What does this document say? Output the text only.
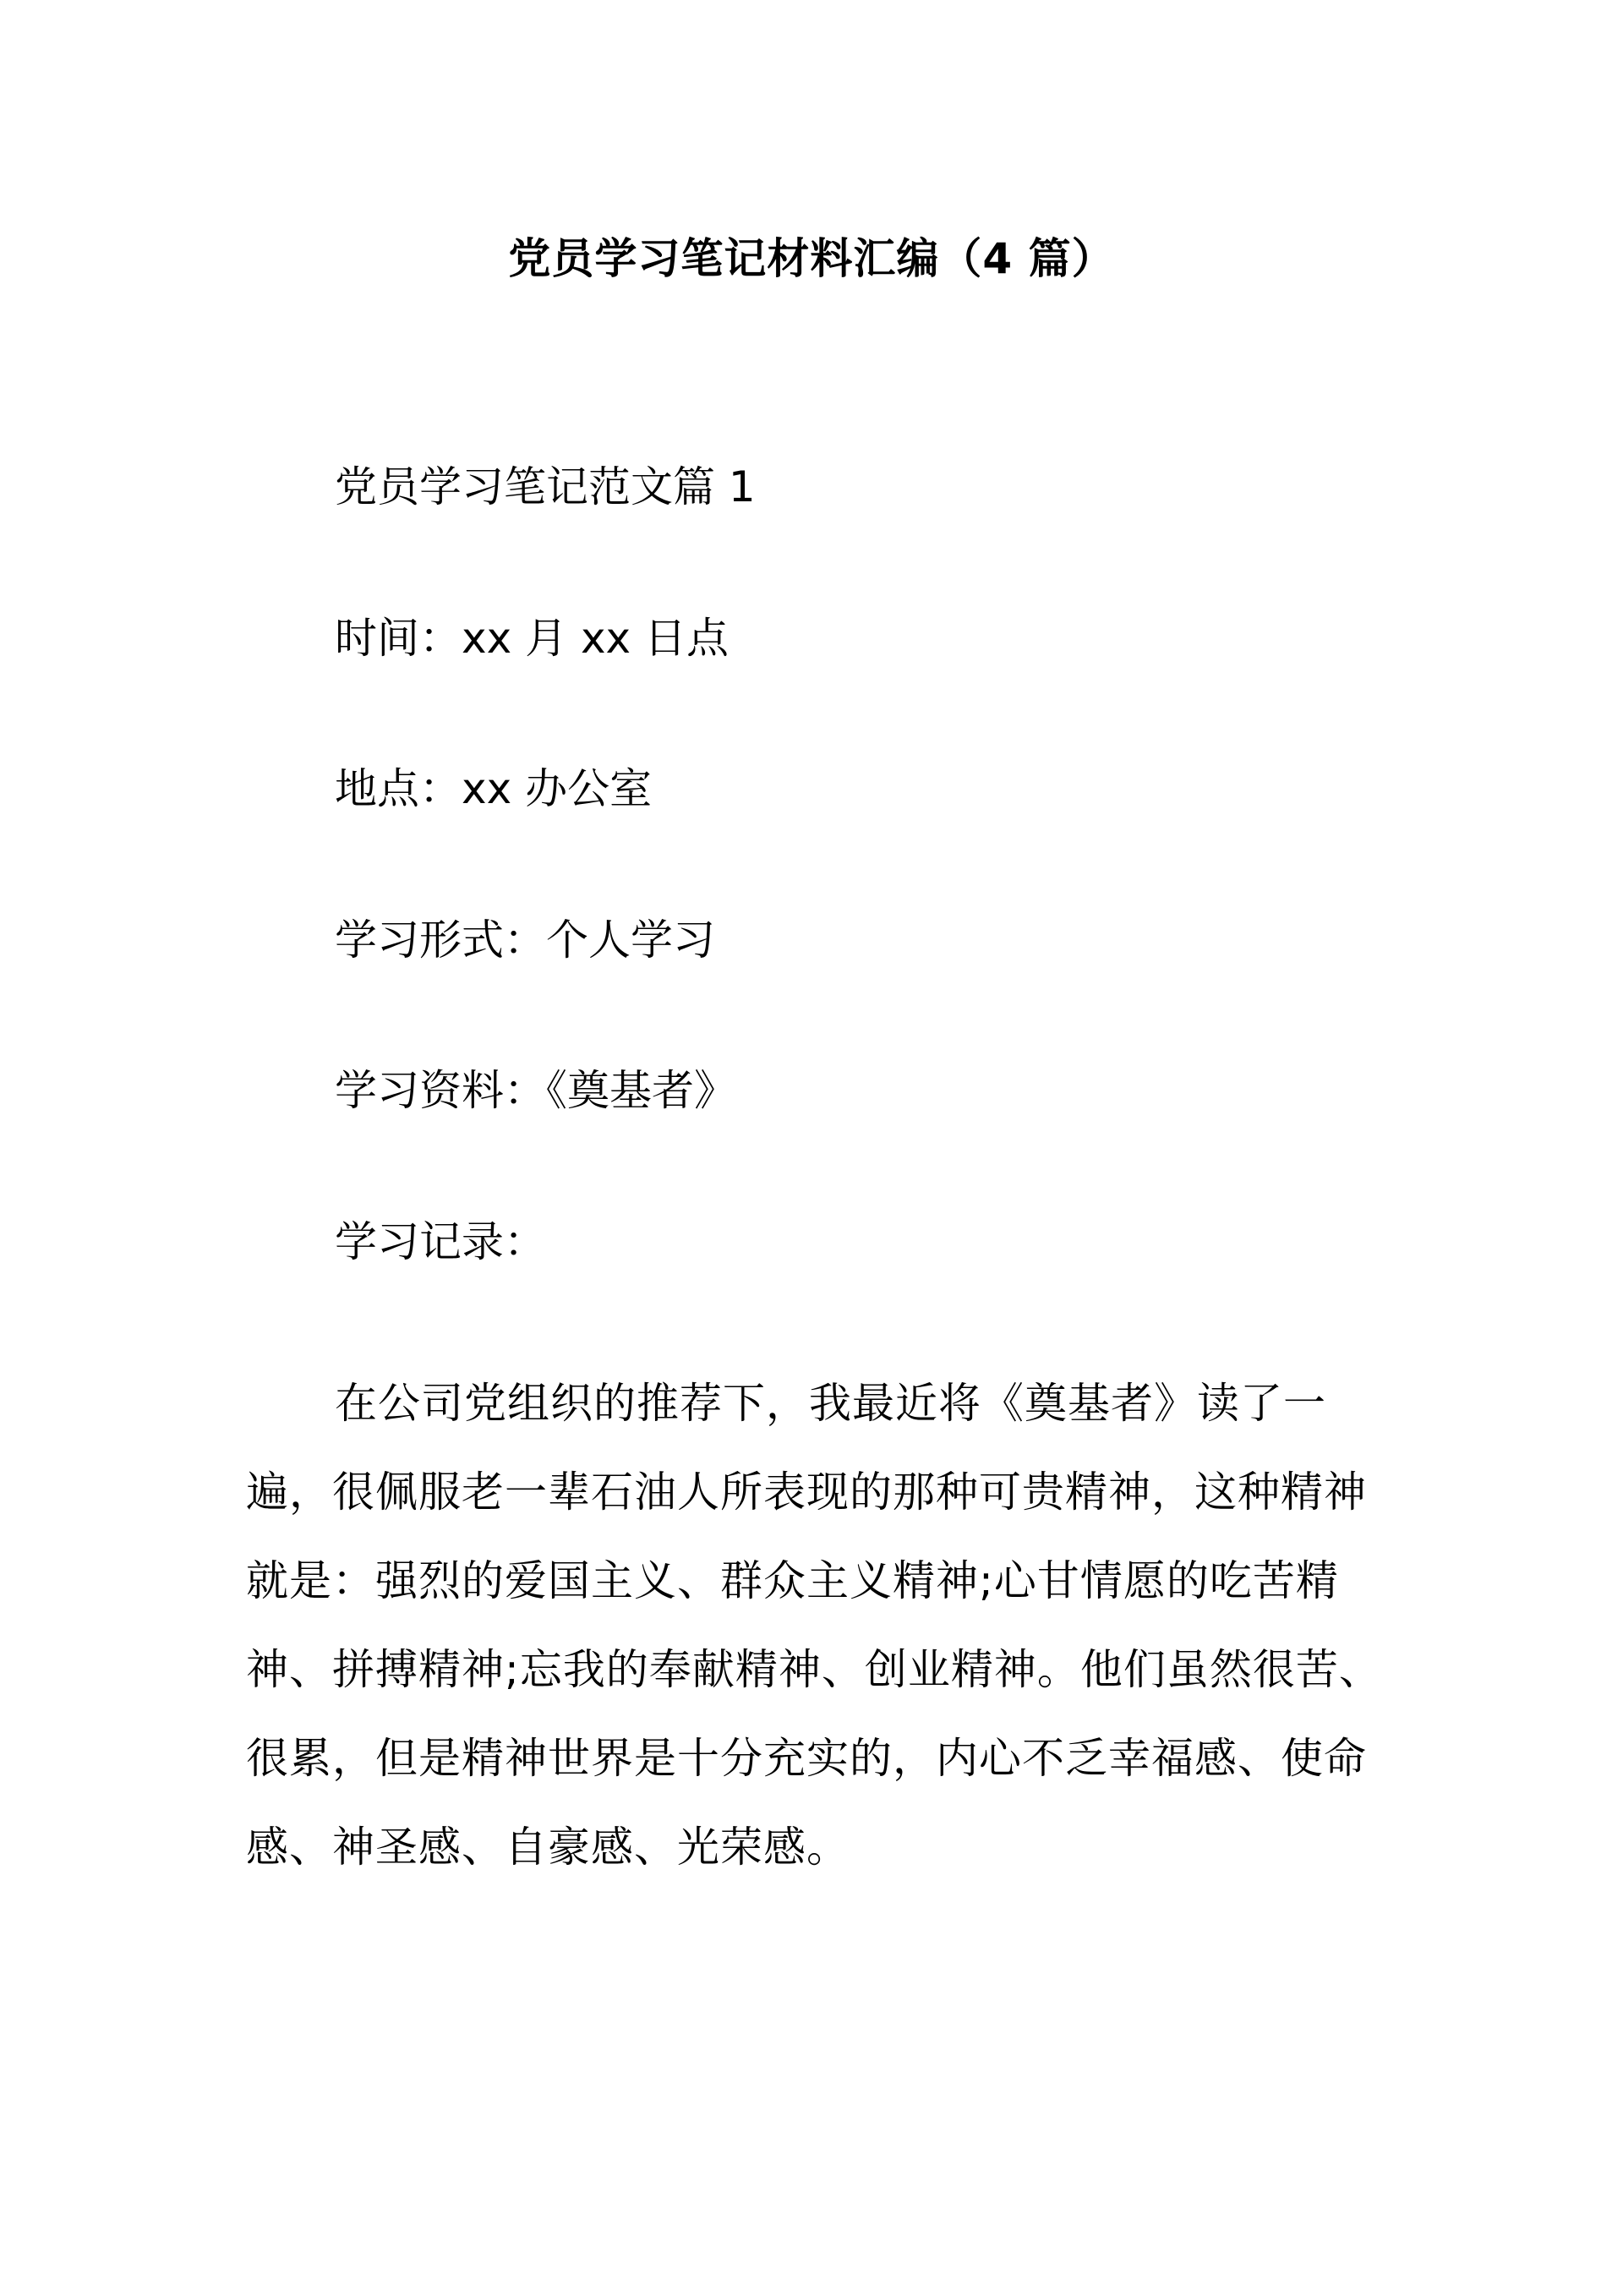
党员学习笔记材料汇编（4 篇）
党员学习笔记范文篇 1
时间：xx 月 xx 日点
地点：xx 办公室
学习形式：个人学习
学习资料：《奠基者》
学习记录：

在公司党组织的推荐下，我最近将《奠基者》读了一遍，很佩服老一辈石油人所表现的那种可贵精神，这种精神就是：强烈的爱国主义、群众主义精神;心甘情愿的吃苦精神、拼搏精神;忘我的奉献精神、创业精神。他们虽然很苦、很累，但是精神世界是十分充实的，内心不乏幸福感、使命感、神圣感、自豪感、光荣感。
